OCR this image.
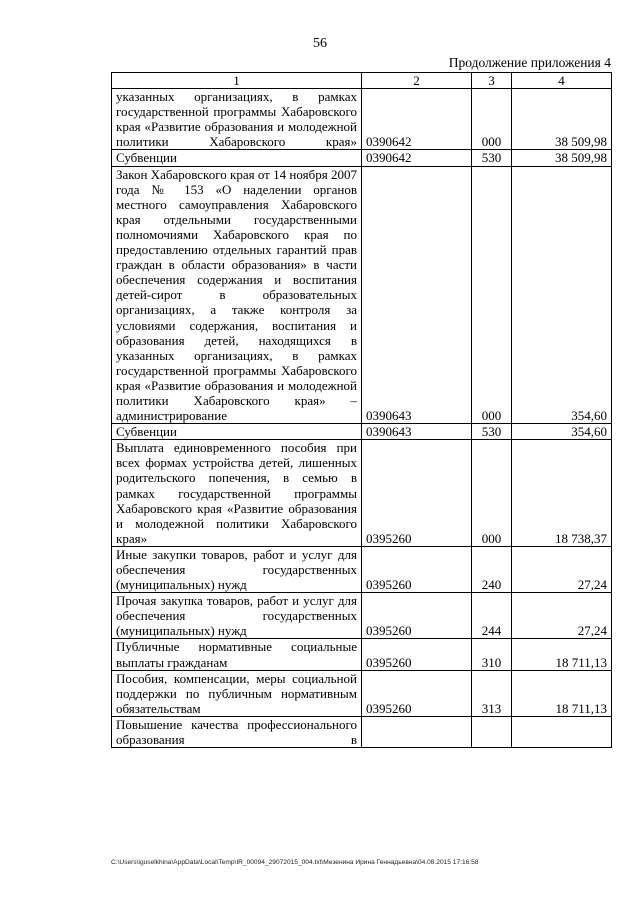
56
Продолжение приложения 4
1	2	3	4
указанных организациях, в рамках государственной программы Хабаровского края «Развитие образования и молодежной политики Хабаровского края»	0390642	000	38 509,98
Субвенции	0390642	530	38 509,98
Закон Хабаровского края от 14 ноября 2007 года № 153 «О наделении органов местного самоуправления Хабаровского края отдельными государственными полномочиями Хабаровского края по предоставлению отдельных гарантий прав граждан в области образования» в части обеспечения содержания и воспитания детей-сирот в образовательных организациях, а также контроля за условиями содержания, воспитания и образования детей, находящихся в указанных организациях, в рамках государственной программы Хабаровского края «Развитие образования и молодежной политики Хабаровского края» – администрирование	0390643	000	354,60
Субвенции	0390643	530	354,60
Выплата единовременного пособия при всех формах устройства детей, лишенных родительского попечения, в семью в рамках государственной программы Хабаровского края «Развитие образования и молодежной политики Хабаровского края»	0395260	000	18 738,37
Иные закупки товаров, работ и услуг для обеспечения государственных (муниципальных) нужд	0395260	240	27,24
Прочая закупка товаров, работ и услуг для обеспечения государственных (муниципальных) нужд	0395260	244	27,24
Публичные нормативные социальные выплаты гражданам	0395260	310	18 711,13
Пособия, компенсации, меры социальной поддержки по публичным нормативным обязательствам	0395260	313	18 711,13
Повышение качества профессионального образования в			
C:\Users\iguselkhina\AppData\Local\Temp\IR_00094_29072015_004.txt\Мезенина Ирина Геннадьевна\04.08.2015 17:16:58
